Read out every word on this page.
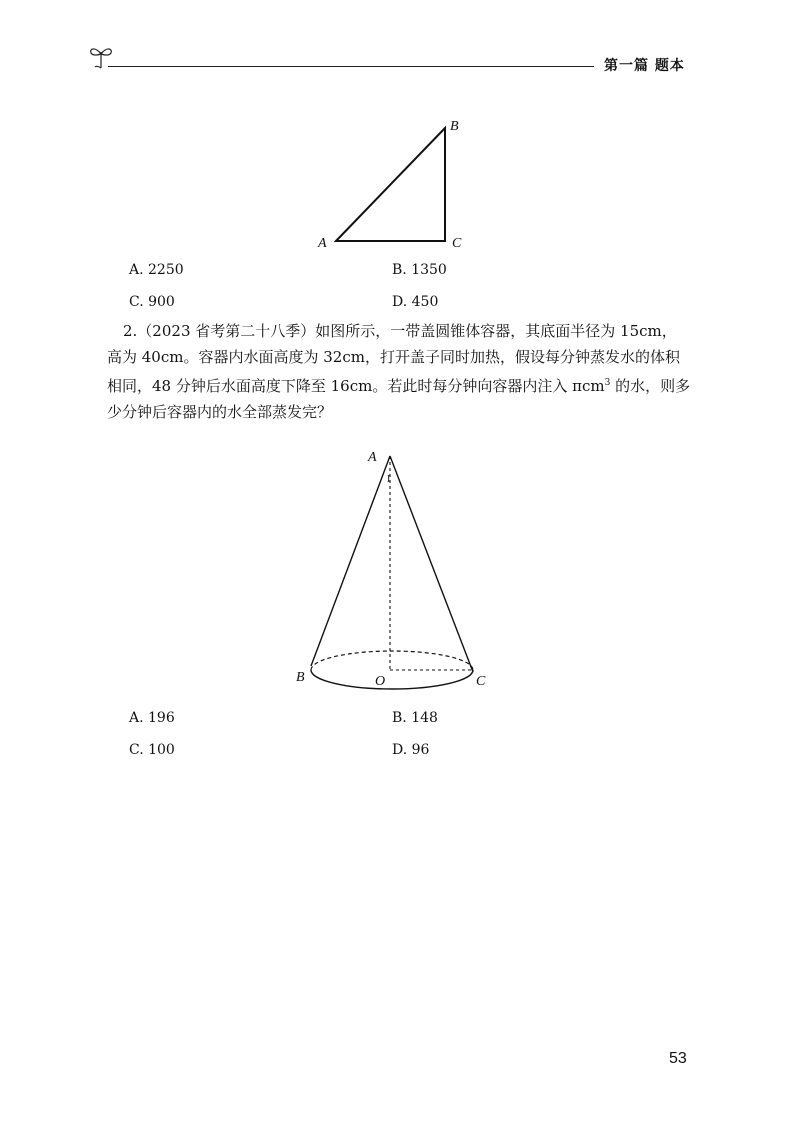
第一篇 题本
A
B
C
A. 2250	B. 1350
C. 900	D. 450

2.（2023 省考第二十八季）如图所示，一带盖圆锥体容器，其底面半径为 15cm，

高为 40cm。容器内水面高度为 32cm，打开盖子同时加热，假设每分钟蒸发水的体积

相同，48 分钟后水面高度下降至 16cm。若此时每分钟向容器内注入 πcm$^3$ 的水，则多

少分钟后容器内的水全部蒸发完？

A
I
B	O	C
A. 196	B. 148
C. 100	D. 96
53
